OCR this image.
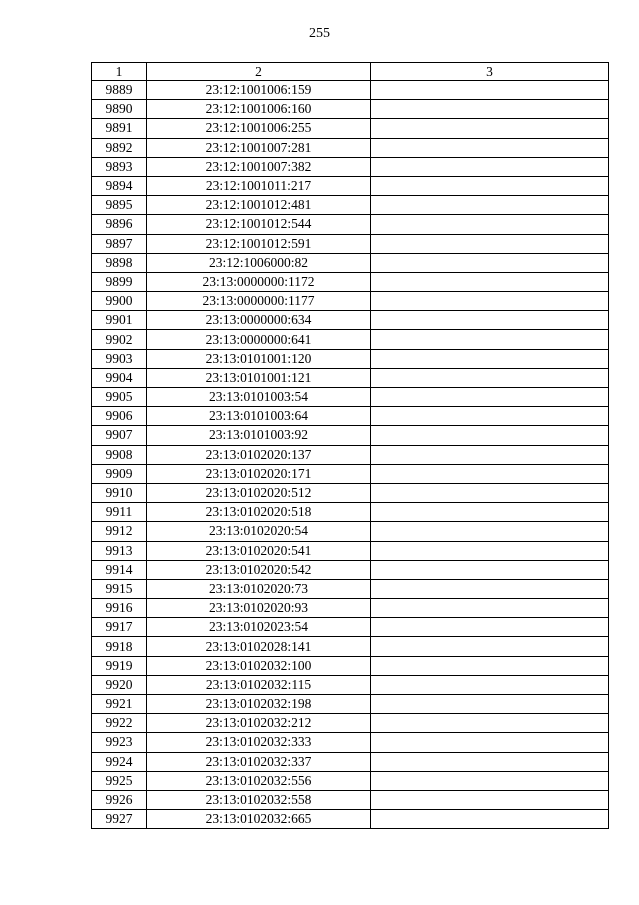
255
1	2	3
9889	23:12:1001006:159	
9890	23:12:1001006:160	
9891	23:12:1001006:255	
9892	23:12:1001007:281	
9893	23:12:1001007:382	
9894	23:12:1001011:217	
9895	23:12:1001012:481	
9896	23:12:1001012:544	
9897	23:12:1001012:591	
9898	23:12:1006000:82	
9899	23:13:0000000:1172	
9900	23:13:0000000:1177	
9901	23:13:0000000:634	
9902	23:13:0000000:641	
9903	23:13:0101001:120	
9904	23:13:0101001:121	
9905	23:13:0101003:54	
9906	23:13:0101003:64	
9907	23:13:0101003:92	
9908	23:13:0102020:137	
9909	23:13:0102020:171	
9910	23:13:0102020:512	
9911	23:13:0102020:518	
9912	23:13:0102020:54	
9913	23:13:0102020:541	
9914	23:13:0102020:542	
9915	23:13:0102020:73	
9916	23:13:0102020:93	
9917	23:13:0102023:54	
9918	23:13:0102028:141	
9919	23:13:0102032:100	
9920	23:13:0102032:115	
9921	23:13:0102032:198	
9922	23:13:0102032:212	
9923	23:13:0102032:333	
9924	23:13:0102032:337	
9925	23:13:0102032:556	
9926	23:13:0102032:558	
9927	23:13:0102032:665	
